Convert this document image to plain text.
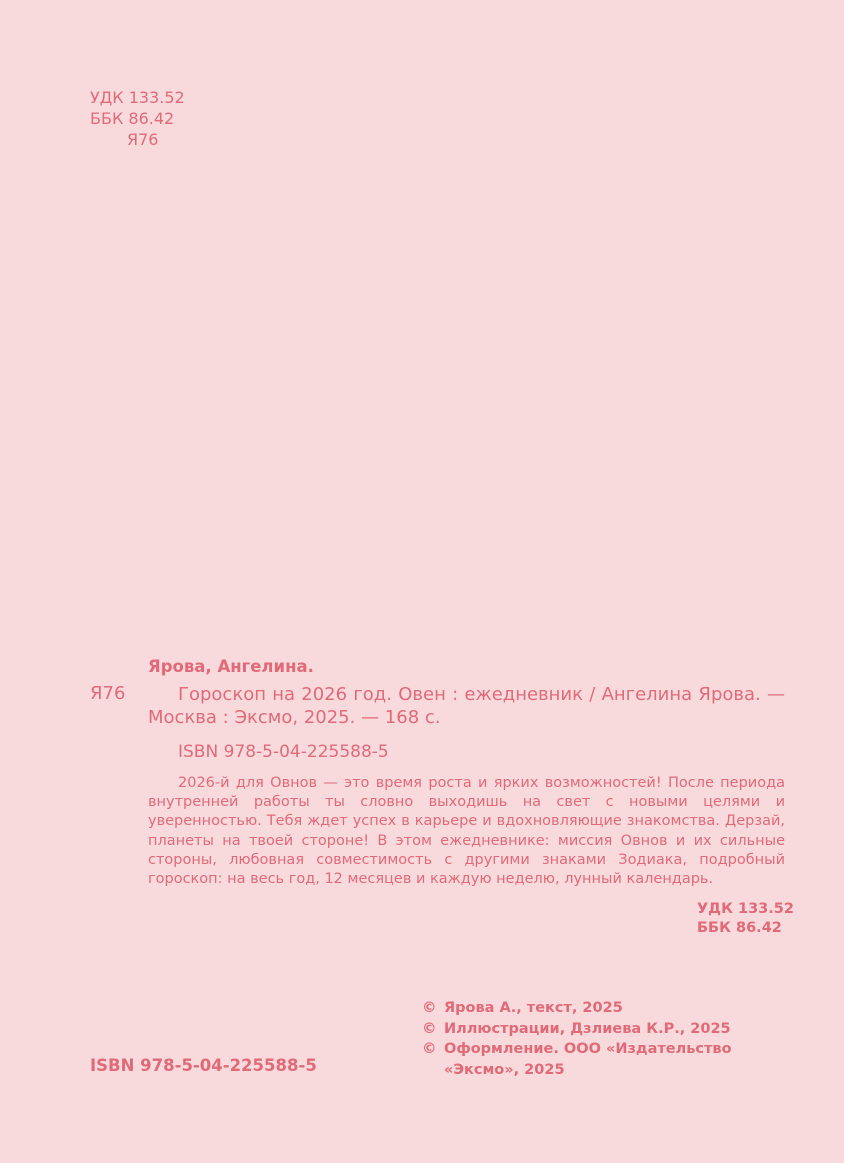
УДК 133.52
ББК 86.42
Я76
Ярова, Ангелина.
Я76	Гороскоп на 2026 год. Овен : ежедневник / Ангелина Ярова. — Москва : Эксмо, 2025. — 168 с.
ISBN 978-5-04-225588-5
2026-й для Овнов — это время роста и ярких возможностей! После периода внутренней работы ты словно выходишь на свет с новыми целями и уверенностью. Тебя ждет успех в карьере и вдохновляющие знакомства. Дерзай, планеты на твоей стороне! В этом ежедневнике: миссия Овнов и их сильные стороны, любовная совместимость с другими знаками Зодиака, подробный гороскоп: на весь год, 12 месяцев и каждую неделю, лунный календарь.
УДК 133.52
ББК 86.42
© Ярова А., текст, 2025
© Иллюстрации, Дзлиева К.Р., 2025
© Оформление. ООО «Издательство «Эксмо», 2025
ISBN 978-5-04-225588-5
